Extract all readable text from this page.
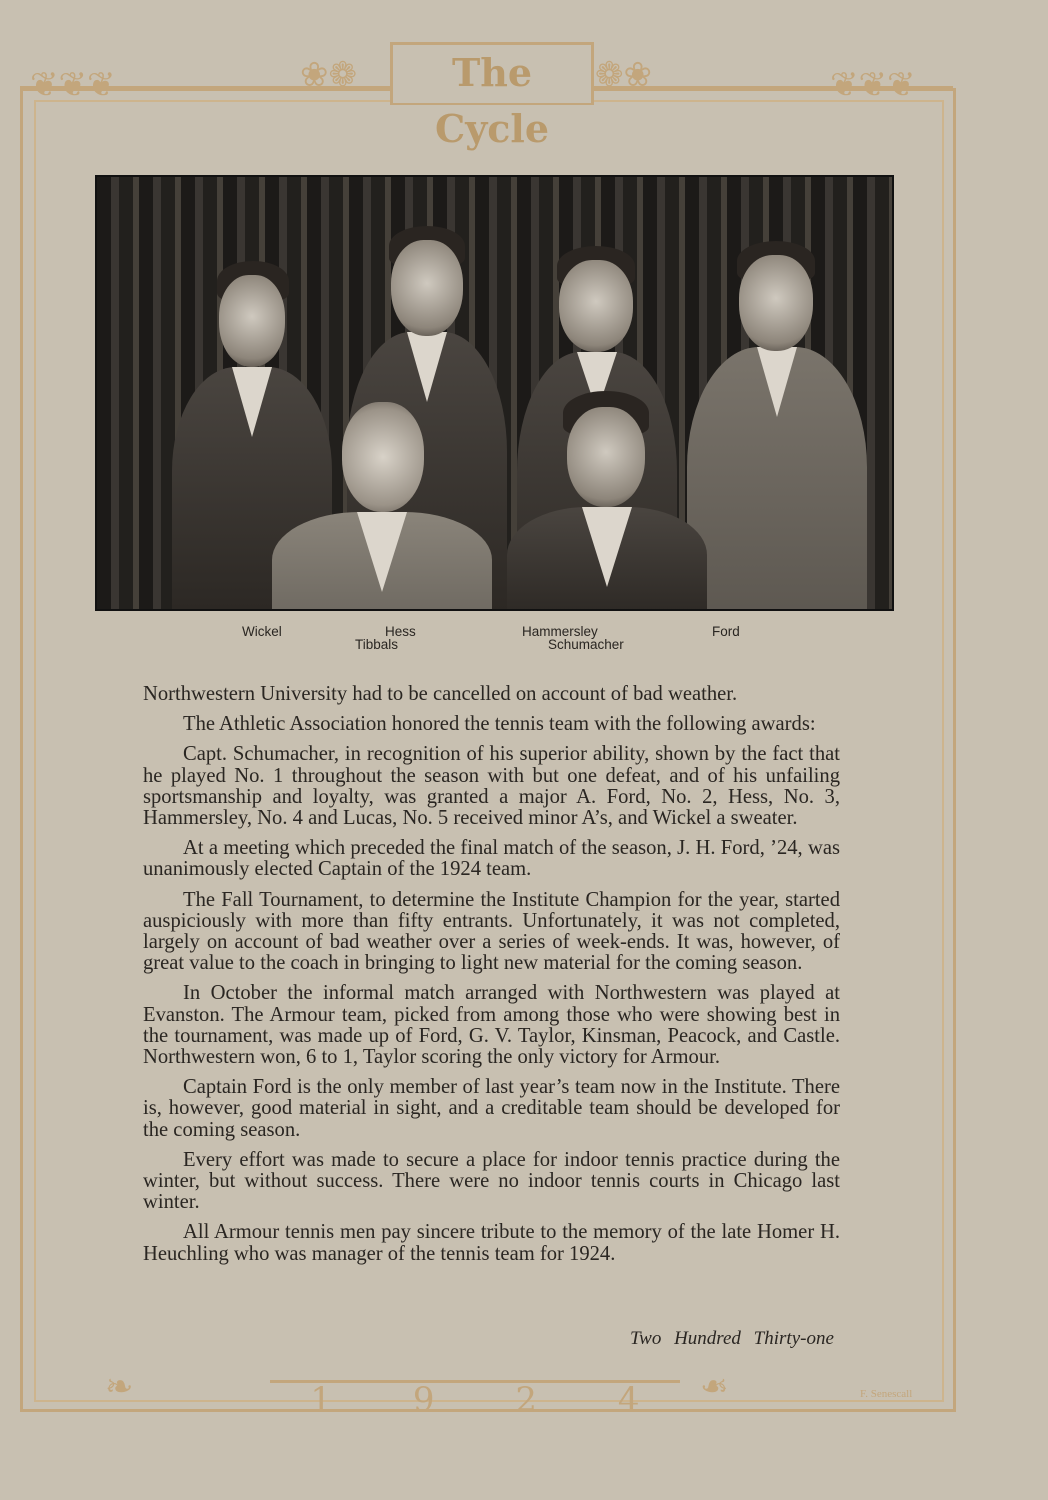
❦❦❦	❀❁	❁❀	❦❦❦
The Cycle
Wickel	Hess	Hammersley	Ford
Tibbals	Schumacher

Northwestern University had to be cancelled on account of bad weather.

The Athletic Association honored the tennis team with the following awards:

Capt. Schumacher, in recognition of his superior ability, shown by the fact that he played No. 1 throughout the season with but one defeat, and of his unfailing sportsmanship and loyalty, was granted a major A. Ford, No. 2, Hess, No. 3, Hammersley, No. 4 and Lucas, No. 5 received minor A’s, and Wickel a sweater.

At a meeting which preceded the final match of the season, J. H. Ford, ’24, was unanimously elected Captain of the 1924 team.

The Fall Tournament, to determine the Institute Champion for the year, started auspiciously with more than fifty entrants. Unfortunately, it was not completed, largely on account of bad weather over a series of week-ends. It was, however, of great value to the coach in bringing to light new material for the coming season.

In October the informal match arranged with Northwestern was played at Evanston. The Armour team, picked from among those who were showing best in the tournament, was made up of Ford, G. V. Taylor, Kinsman, Peacock, and Castle. Northwestern won, 6 to 1, Taylor scoring the only victory for Armour.

Captain Ford is the only member of last year’s team now in the Institute. There is, however, good material in sight, and a creditable team should be developed for the coming season.

Every effort was made to secure a place for indoor tennis practice during the winter, but without success. There were no indoor tennis courts in Chicago last winter.

All Armour tennis men pay sincere tribute to the memory of the late Homer H. Heuchling who was manager of the tennis team for 1924.

Two Hundred Thirty-one
❧	❧
1 9 2 4	F. Senescall
